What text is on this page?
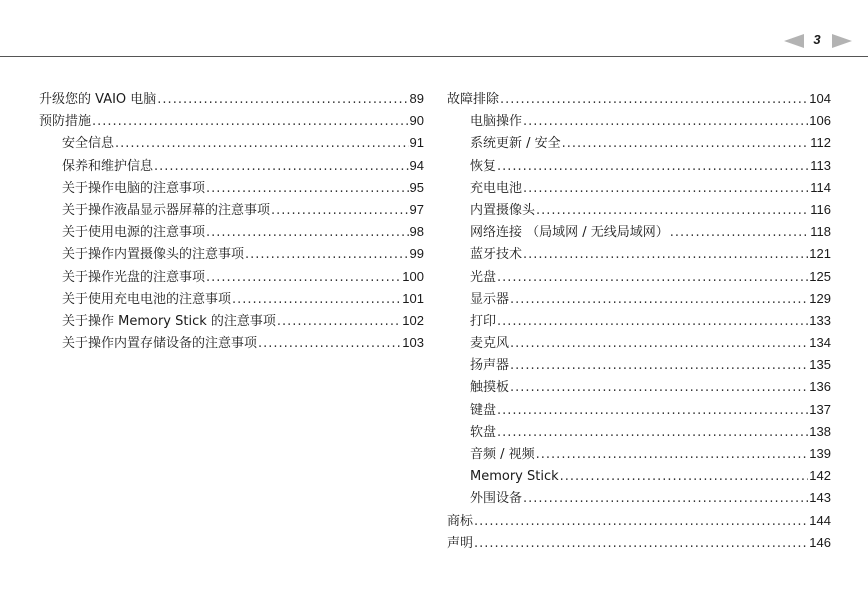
3
升级您的 VAIO 电脑 .....	89
预防措施 .....	90
安全信息 .....	91
保养和维护信息 .....	94
关于操作电脑的注意事项 .....	95
关于操作液晶显示器屏幕的注意事项 .....	97
关于使用电源的注意事项 .....	98
关于操作内置摄像头的注意事项 .....	99
关于操作光盘的注意事项 .....	100
关于使用充电电池的注意事项 .....	101
关于操作 Memory Stick 的注意事项 .....	102
关于操作内置存储设备的注意事项 .....	103
故障排除 .....	104
电脑操作 .....	106
系统更新 / 安全 .....	112
恢复 .....	113
充电电池 .....	114
内置摄像头 .....	116
网络连接 （局域网 / 无线局域网） .....	118
蓝牙技术 .....	121
光盘 .....	125
显示器 .....	129
打印 .....	133
麦克风 .....	134
扬声器 .....	135
触摸板 .....	136
键盘 .....	137
软盘 .....	138
音频 / 视频 .....	139
Memory Stick .....	142
外围设备 .....	143
商标 .....	144
声明 .....	146
